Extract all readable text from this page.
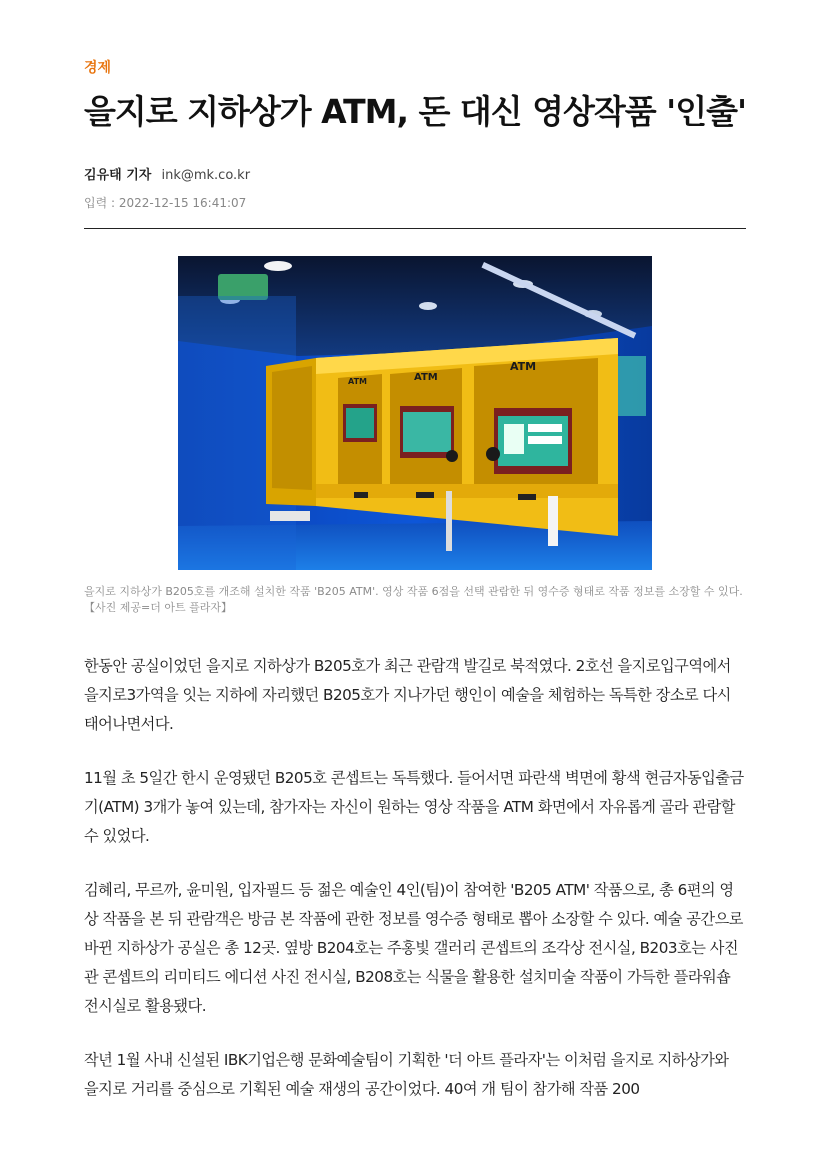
경제
을지로 지하상가 ATM, 돈 대신 영상작품 '인출'
김유태 기자 ink@mk.co.kr
입력 : 2022-12-15 16:41:07
ATM	ATM
ATM

을지로 지하상가 B205호를 개조해 설치한 작품 'B205 ATM'. 영상 작품 6점을 선택 관람한 뒤 영수증 형태로 작품 정보를 소장할 수 있다. 【사진 제공=더 아트 플라자】

한동안 공실이었던 을지로 지하상가 B205호가 최근 관람객 발길로 북적였다. 2호선 을지로입구역에서 을지로3가역을 잇는 지하에 자리했던 B205호가 지나가던 행인이 예술을 체험하는 독특한 장소로 다시 태어나면서다.

11월 초 5일간 한시 운영됐던 B205호 콘셉트는 독특했다. 들어서면 파란색 벽면에 황색 현금자동입출금기(ATM) 3개가 놓여 있는데, 참가자는 자신이 원하는 영상 작품을 ATM 화면에서 자유롭게 골라 관람할 수 있었다.

김혜리, 무르까, 윤미원, 입자필드 등 젊은 예술인 4인(팀)이 참여한 'B205 ATM' 작품으로, 총 6편의 영상 작품을 본 뒤 관람객은 방금 본 작품에 관한 정보를 영수증 형태로 뽑아 소장할 수 있다. 예술 공간으로 바뀐 지하상가 공실은 총 12곳. 옆방 B204호는 주홍빛 갤러리 콘셉트의 조각상 전시실, B203호는 사진관 콘셉트의 리미티드 에디션 사진 전시실, B208호는 식물을 활용한 설치미술 작품이 가득한 플라워숍 전시실로 활용됐다.

작년 1월 사내 신설된 IBK기업은행 문화예술팀이 기획한 '더 아트 플라자'는 이처럼 을지로 지하상가와 을지로 거리를 중심으로 기획된 예술 재생의 공간이었다. 40여 개 팀이 참가해 작품 200
